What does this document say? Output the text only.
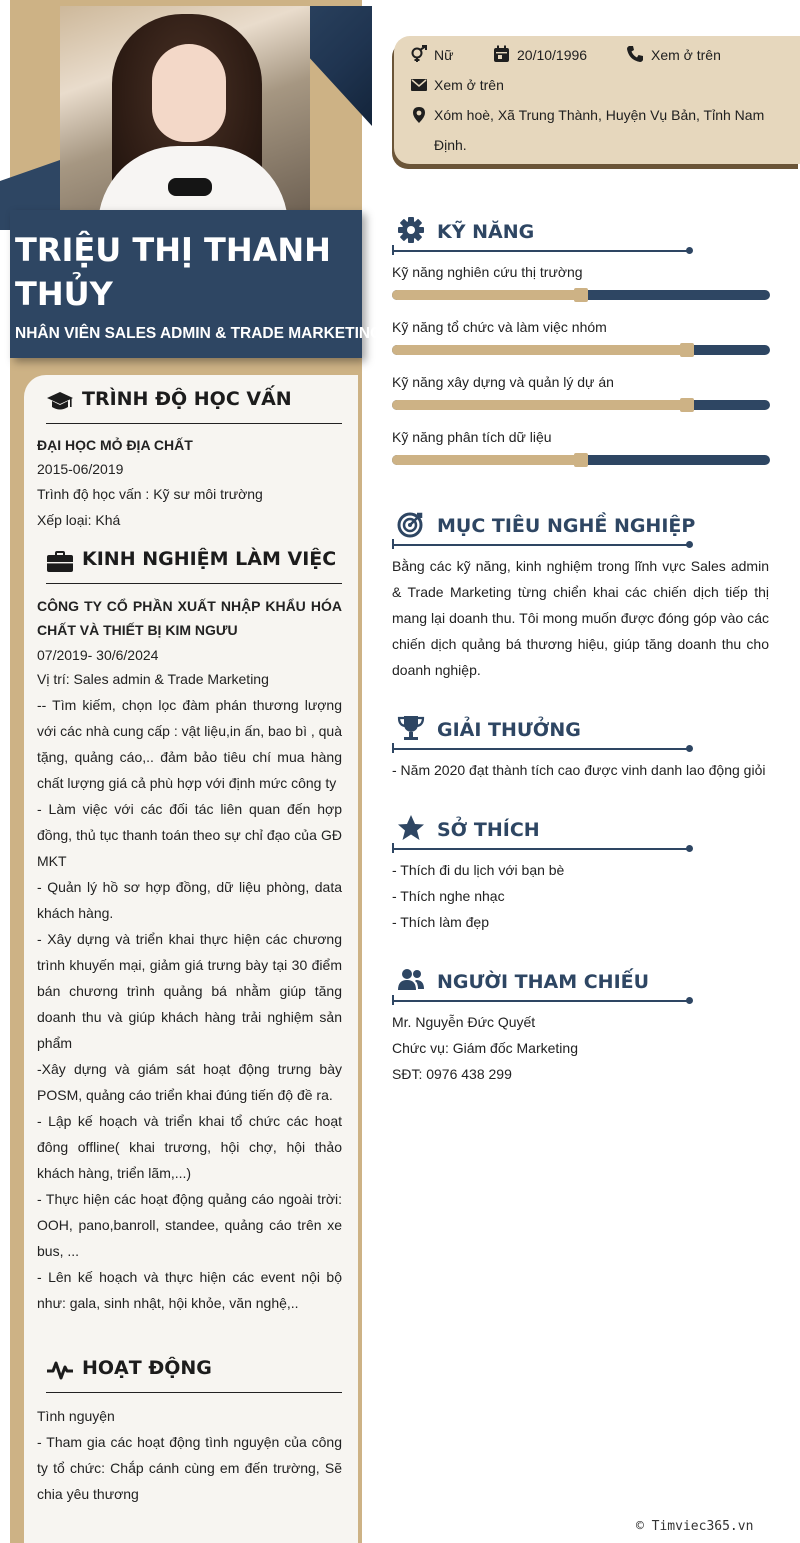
TRIỆU THỊ THANH
THỦY
NHÂN VIÊN SALES ADMIN & TRADE MARKETING
TRÌNH ĐỘ HỌC VẤN
ĐẠI HỌC MỎ ĐỊA CHẤT
2015-06/2019
Trình độ học vấn : Kỹ sư môi trường
Xếp loại: Khá
KINH NGHIỆM LÀM VIỆC
CÔNG TY CỔ PHẦN XUẤT NHẬP KHẨU HÓA CHẤT VÀ THIẾT BỊ KIM NGƯU
07/2019- 30/6/2024
Vị trí: Sales admin & Trade Marketing
-- Tìm kiếm, chọn lọc đàm phán thương lượng với các nhà cung cấp : vật liệu,in ấn, bao bì , quà tặng, quảng cáo,.. đảm bảo tiêu chí mua hàng chất lượng giá cả phù hợp với định mức công ty
- Làm việc với các đối tác liên quan đến hợp đồng, thủ tục thanh toán theo sự chỉ đạo của GĐ MKT
- Quản lý hồ sơ hợp đồng, dữ liệu phòng, data khách hàng.
- Xây dựng và triển khai thực hiện các chương trình khuyến mại, giảm giá trưng bày tại 30 điểm bán chương trình quảng bá nhằm giúp tăng doanh thu và giúp khách hàng trải nghiệm sản phẩm
-Xây dựng và giám sát hoạt động trưng bày POSM, quảng cáo triển khai đúng tiến độ đề ra.
- Lập kế hoạch và triển khai tổ chức các hoạt đông offline( khai trương, hội chợ, hội thảo khách hàng, triển lãm,...)
- Thực hiện các hoạt động quảng cáo ngoài trời: OOH, pano,banroll, standee, quảng cáo trên xe bus, ...
- Lên kế hoạch và thực hiện các event nội bộ như: gala, sinh nhật, hội khỏe, văn nghệ,..
HOẠT ĐỘNG
Tình nguyện
- Tham gia các hoạt động tình nguyện của công ty tổ chức: Chắp cánh cùng em đến trường, Sẽ chia yêu thương
Nữ	20/10/1996	Xem ở trên
Xem ở trên
Xóm hoè, Xã Trung Thành, Huyện Vụ Bản, Tỉnh Nam
Định.
KỸ NĂNG
Kỹ năng nghiên cứu thị trường
Kỹ năng tổ chức và làm việc nhóm
Kỹ năng xây dựng và quản lý dự án
Kỹ năng phân tích dữ liệu
MỤC TIÊU NGHỀ NGHIỆP
Bằng các kỹ năng, kinh nghiệm trong lĩnh vực Sales admin & Trade Marketing từng chiển khai các chiến dịch tiếp thị mang lại doanh thu. Tôi mong muốn được đóng góp vào các chiến dịch quảng bá thương hiệu, giúp tăng doanh thu cho doanh nghiệp.
GIẢI THƯỞNG
- Năm 2020 đạt thành tích cao được vinh danh lao động giỏi
SỞ THÍCH
- Thích đi du lịch với bạn bè
- Thích nghe nhạc
- Thích làm đẹp
NGƯỜI THAM CHIẾU
Mr. Nguyễn Đức Quyết
Chức vụ: Giám đốc Marketing
SĐT: 0976 438 299
© Timviec365.vn
